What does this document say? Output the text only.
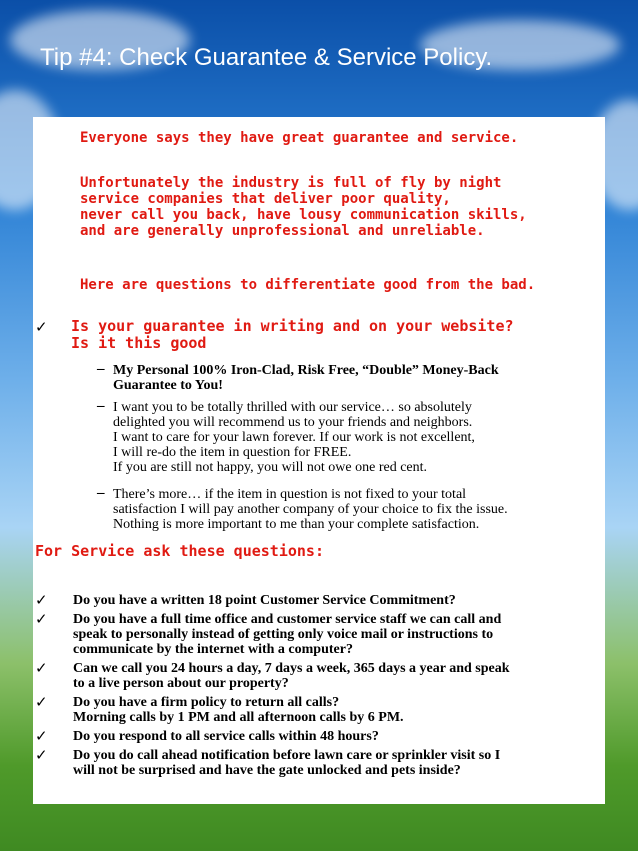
Tip #4: Check Guarantee & Service Policy.
Everyone says they have great guarantee and service.
Unfortunately the industry is full of fly by night
service companies that deliver poor quality,
never call you back, have lousy communication skills,
and are generally unprofessional and unreliable.
Here are questions to differentiate good from the bad.
✓ Is your guarantee in writing and on your website?
Is it this good
– My Personal 100% Iron-Clad, Risk Free, “Double” Money-Back
Guarantee to You!
– I want you to be totally thrilled with our service… so absolutely
delighted you will recommend us to your friends and neighbors.
I want to care for your lawn forever. If our work is not excellent,
I will re-do the item in question for FREE.
If you are still not happy, you will not owe one red cent.
– There’s more… if the item in question is not fixed to your total
satisfaction I will pay another company of your choice to fix the issue.
Nothing is more important to me than your complete satisfaction.
For Service ask these questions:
✓ Do you have a written 18 point Customer Service Commitment?
✓ Do you have a full time office and customer service staff we can call and
speak to personally instead of getting only voice mail or instructions to
communicate by the internet with a computer?
✓ Can we call you 24 hours a day, 7 days a week, 365 days a year and speak
to a live person about our property?
✓ Do you have a firm policy to return all calls?
Morning calls by 1 PM and all afternoon calls by 6 PM.
✓ Do you respond to all service calls within 48 hours?
✓ Do you do call ahead notification before lawn care or sprinkler visit so I
will not be surprised and have the gate unlocked and pets inside?
